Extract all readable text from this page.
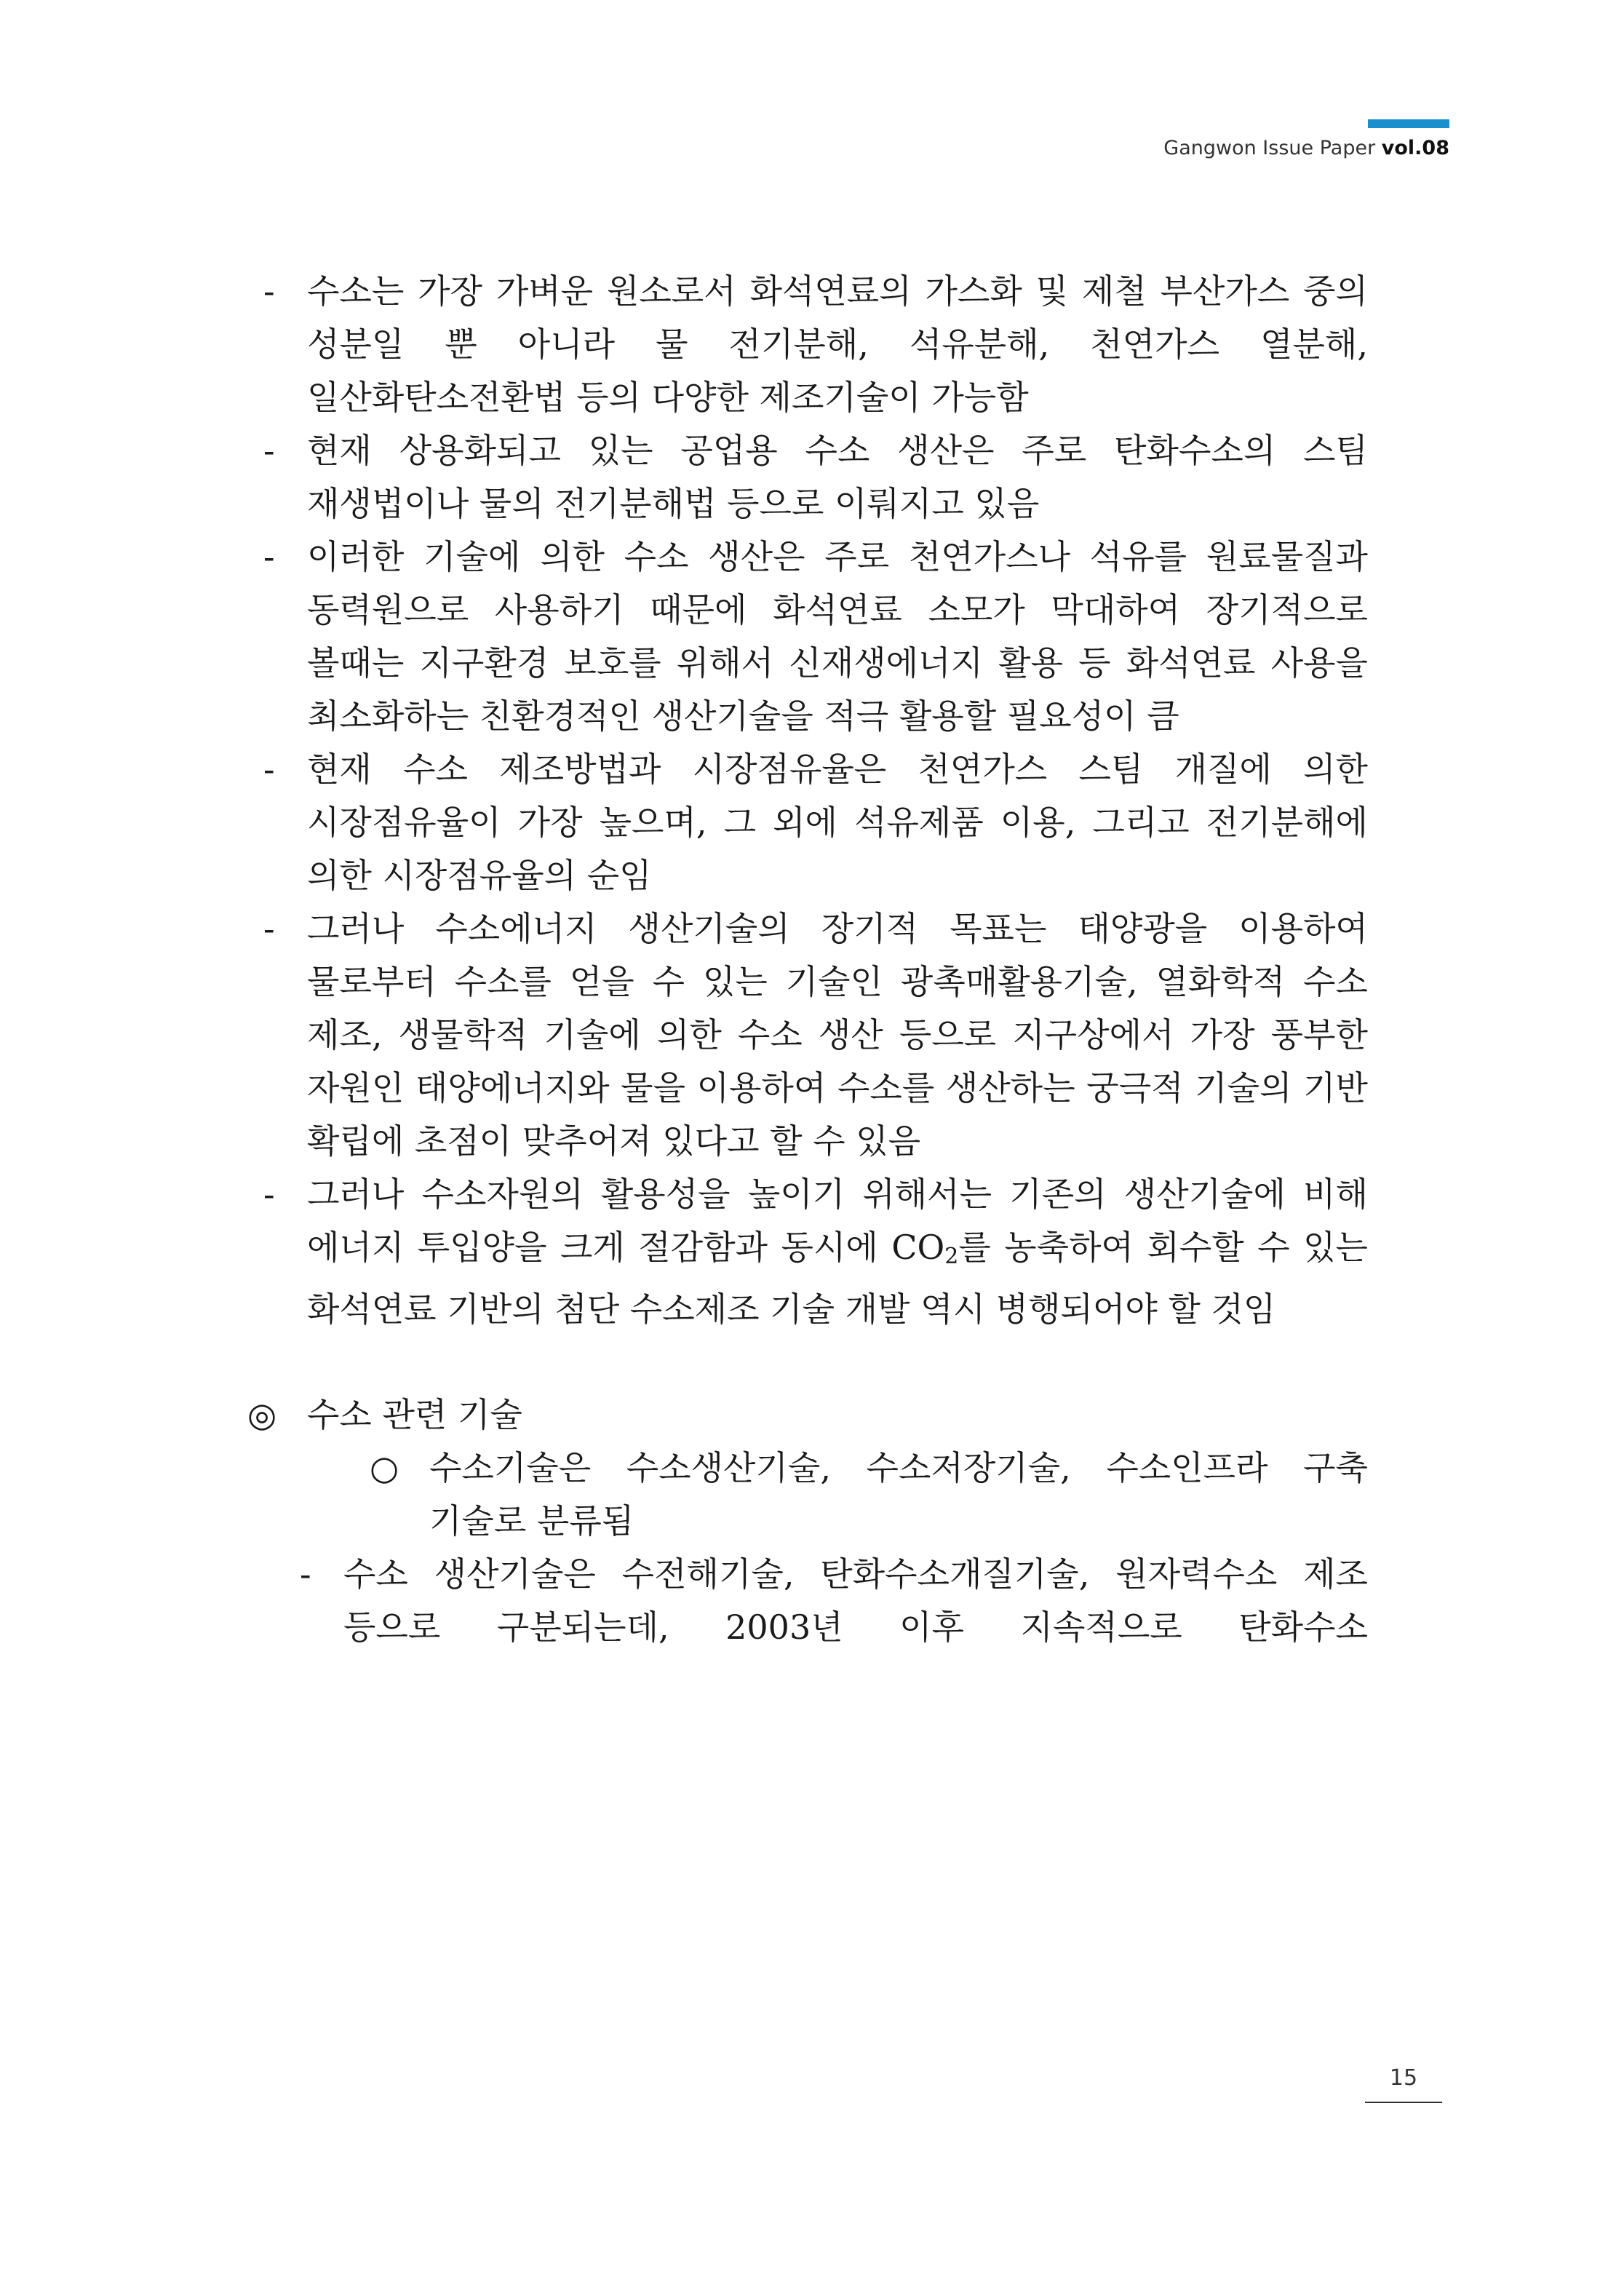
Gangwon Issue Paper vol.08
- 수소는 가장 가벼운 원소로서 화석연료의 가스화 및 제철 부산가스 중의 성분일 뿐 아니라 물 전기분해, 석유분해, 천연가스 열분해, 일산화탄소전환법 등의 다양한 제조기술이 가능함
- 현재 상용화되고 있는 공업용 수소 생산은 주로 탄화수소의 스팀 재생법이나 물의 전기분해법 등으로 이뤄지고 있음
- 이러한 기술에 의한 수소 생산은 주로 천연가스나 석유를 원료물질과 동력원으로 사용하기 때문에 화석연료 소모가 막대하여 장기적으로 볼때는 지구환경 보호를 위해서 신재생에너지 활용 등 화석연료 사용을 최소화하는 친환경적인 생산기술을 적극 활용할 필요성이 큼
- 현재 수소 제조방법과 시장점유율은 천연가스 스팀 개질에 의한 시장점유율이 가장 높으며, 그 외에 석유제품 이용, 그리고 전기분해에 의한 시장점유율의 순임
- 그러나 수소에너지 생산기술의 장기적 목표는 태양광을 이용하여 물로부터 수소를 얻을 수 있는 기술인 광촉매활용기술, 열화학적 수소 제조, 생물학적 기술에 의한 수소 생산 등으로 지구상에서 가장 풍부한 자원인 태양에너지와 물을 이용하여 수소를 생산하는 궁극적 기술의 기반 확립에 초점이 맞추어져 있다고 할 수 있음
- 그러나 수소자원의 활용성을 높이기 위해서는 기존의 생산기술에 비해 에너지 투입양을 크게 절감함과 동시에 CO2를 농축하여 회수할 수 있는 화석연료 기반의 첨단 수소제조 기술 개발 역시 병행되어야 할 것임
◎ 수소 관련 기술
○ 수소기술은 수소생산기술, 수소저장기술, 수소인프라 구축 기술로 분류됨
- 수소 생산기술은 수전해기술, 탄화수소개질기술, 원자력수소 제조 등으로 구분되는데, 2003년 이후 지속적으로 탄화수소
15
